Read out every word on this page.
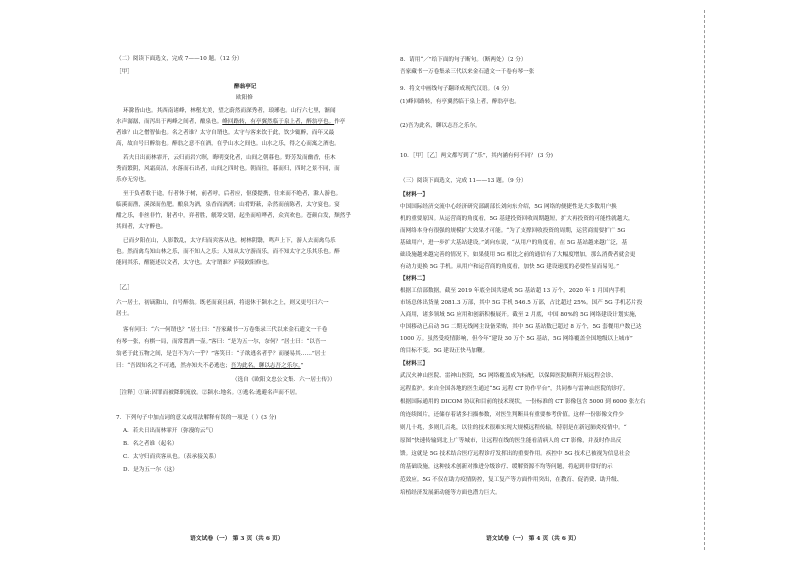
（二）阅读下面选文，完成 7——10 题。（12 分）
［甲］
醉翁亭记
欧阳修
环滁皆山也。其西南诸峰，林壑尤美，望之蔚然而深秀者，琅琊也。山行六七里，渐闻
水声潺潺，而泻出于两峰之间者，酿泉也。峰回路转，有亭翼然临于泉上者，醉翁亭也。作亭
者谁？山之僧智仙也。名之者谁？太守自谓也。太守与客来饮于此，饮少辄醉，而年又最
高，故自号曰醉翁也。醉翁之意不在酒，在乎山水之间也。山水之乐，得之心而寓之酒也。
若夫日出而林霏开，云归而岩穴暝，晦明变化者，山间之朝暮也。野芳发而幽香，佳木
秀而繁阴，风霜高洁，水落而石出者，山间之四时也。朝而往，暮而归，四时之景不同，而
乐亦无穷也。
至于负者歌于途，行者休于树，前者呼，后者应，伛偻提携，往来而不绝者，滁人游也。
临溪而渔，溪深而鱼肥。酿泉为酒，泉香而酒洌；山肴野蔌，杂然而前陈者，太守宴也。宴
酣之乐，非丝非竹，射者中，弈者胜，觥筹交错，起坐而喧哗者，众宾欢也。苍颜白发，颓然乎
其间者，太守醉也。
已而夕阳在山，人影散乱，太守归而宾客从也。树林阴翳，鸣声上下，游人去而禽鸟乐
也。然而禽鸟知山林之乐，而不知人之乐；人知从太守游而乐，而不知太守之乐其乐也。醉
能同其乐，醒能述以文者，太守也。太守谓谁？庐陵欧阳修也。
［乙］
六一居士，初谪滁山，自号醉翁。既老而衰且病，将退休于颍水之上，则又更号曰六一
居士。
客有问曰：“六一何谓也？”居士曰：“吾家藏书一万卷集录三代以来金石遗文一千卷
有琴一张，有棋一局，而常置酒一壶。”客曰：“是为五一尔，奈何？”居士曰：“以吾一
翁老于此五物之间，是岂不为六一乎？”客笑曰：“子欲逃名者乎？而屡易其……”居士
曰：“吾固知名之不可逃，然亦知夫不必逃也；吾为此名，聊以志吾之乐尔。”
（选自《欧阳文忠公文集．六一居士传》）
［注释］①谪:因罪而被降职流放。②颍水:地名。③逃名:逃避名声而不居。
7．下列句子中加点词的意义或用法解释有误的一项是（ ）(3 分)
A．若夫日出而林霏开（弥漫的云气）
B．名之者谁（起名）
C．太守归而宾客从也。（表承接关系）
D．是为五一尔（这）
语文试卷（一） 第 3 页（共 6 页）
8．请用“／”给下面的句子断句。（断两处）（2 分）
吾家藏书一万卷集录三代以来金石遗文一千卷有琴一张
9．将文中画线句子翻译成现代汉语。（4 分）
(1)峰回路转，有亭翼然临于泉上者，醉翁亭也。
(2)吾为此名，聊以志吾之乐尔。
10．［甲］［乙］两文都写到了“乐”，其内涵有何不同？ (3 分)
（三）阅读下面选文，完成 11——13 题。（9 分）
【材料一】
中国国际经济交流中心经济研究部副部长刘向东介绍，5G 网络的便捷性是大多数用户换
机的重要原因。从运营商的角度看，5G 基建投资回收周期越短，扩大再投资的可能性就越大，
而网络本身有很强的规模扩大效果才可能。“为了支撑回收投资的周期，运营商需要扩广 5G
基础用户，进一步扩大基站建设。”刘向东说，“从用户的角度看，在 5G 基站越来越广泛，基
础设施越来越完善的情况下，如果使用 5G 相比之前的通信有了大幅度增加，那么消费者就会更
有动力更换 5G 手机。从用户和运营商的角度看，加快 5G 建设速度的必要性显而易见。”
【材料二】
根据工信部数据，截至 2019 年底全国共建成 5G 基站超 13 万个，2020 年 1 月国内手机
市场总体出货量 2081.3 万部，其中 5G 手机 546.5 万部，占比超过 25%。国产 5G 手机芯片投
入商用，诸多领域 5G 应用和创新积极展开。截至 2 月底，中国 80%的 5G 网络建设计划实施，
中国移动已启动 5G 二期无线网主设备采购，其中 5G 基站数已超过 8 万个，5G 套餐用户数已达
1000 万。虽然受疫情影响，但今年“建设 30 万个 5G 基站，5G 网络覆盖全国地级以上城市”
的目标不变。5G 建设正快马加鞭。
【材料三】
武汉火神山医院、雷神山医院，5G 网络覆盖成为标配，以保障医院顺利开展远程会诊、
远程监护。来自全国各地的医生通过“5G 远程 CT 协作平台”，共同参与雷神山医院的诊疗。
根据国际通用的 DICOM 协议和目前的技术现状，一份标准的 CT 影像包含 5000 到 6000 张左右
的连续图片，还储存着诸多扫描参数，对医生判断具有重要参考价值。这样一份影像文件少
则几十兆，多则几百兆，以往的技术很难实现大规模远程传输，特别是在新冠肺炎疫情中。“
原图”快速传输到北上广等城市，让远程在线的医生能看清病人的 CT 影像，并及时作出反
馈。这就是 5G 技术结合医疗远程诊疗发挥出的重要作用。疾控中 5G 技术已被视为信息社会
的基础设施，这种技术创新对推进分级诊疗、缓解资源不均等问题，将起到非常好的示
范效应。5G 不仅在助力疫情防控，复工复产等方面作用突出，在教育、促消费、助升级、
培植经济发展新动能等方面也潜力巨大。
语文试卷（一） 第 4 页（共 6 页）
